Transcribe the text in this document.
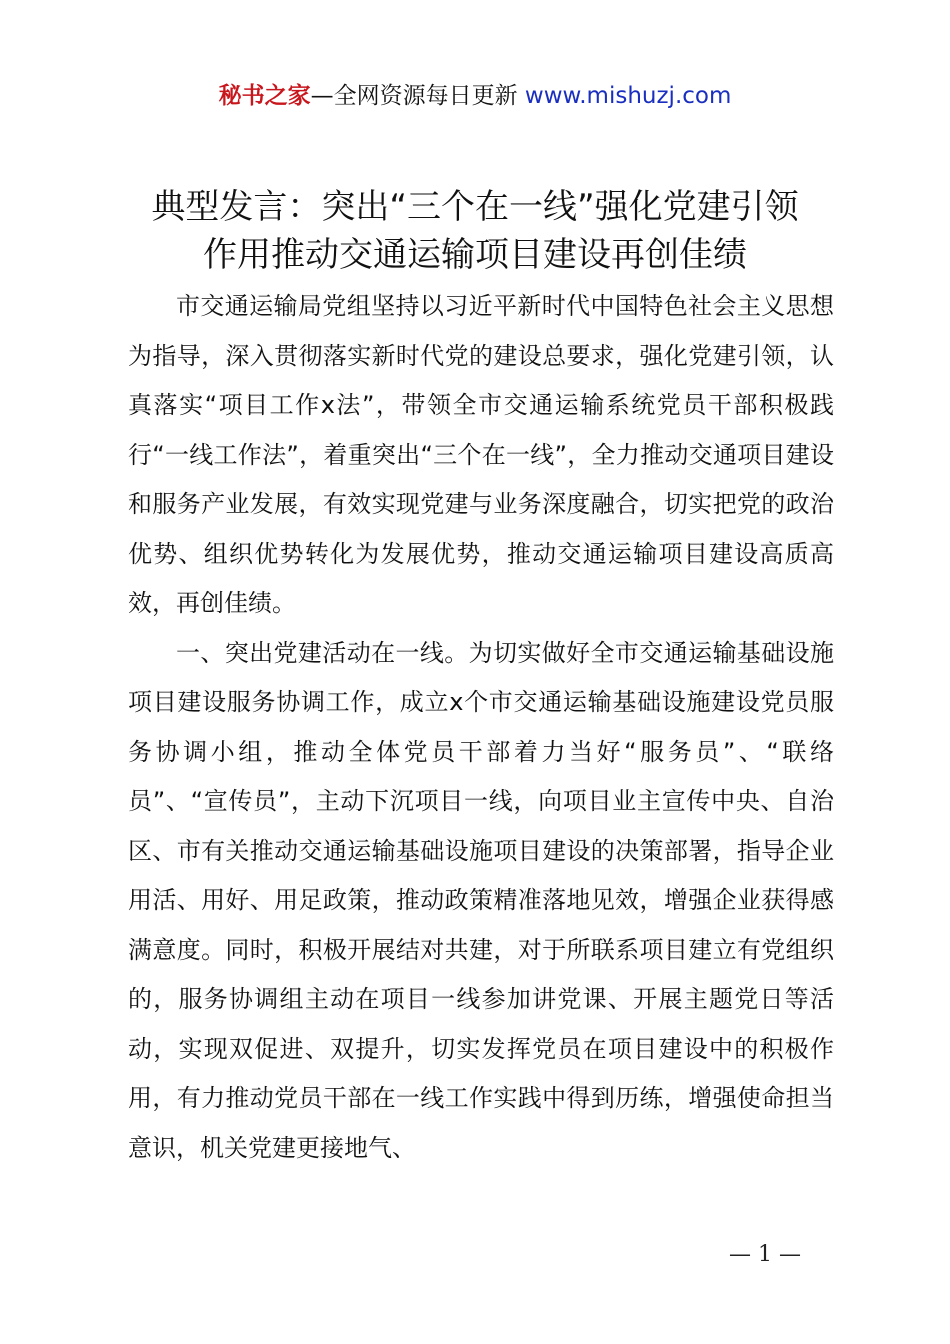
秘书之家—全网资源每日更新 www.mishuzj.com
典型发言：突出“三个在一线”强化党建引领
作用推动交通运输项目建设再创佳绩

市交通运输局党组坚持以习近平新时代中国特色社会主义思想为指导，深入贯彻落实新时代党的建设总要求，强化党建引领，认真落实“项目工作x法”，带领全市交通运输系统党员干部积极践行“一线工作法”，着重突出“三个在一线”，全力推动交通项目建设和服务产业发展，有效实现党建与业务深度融合，切实把党的政治优势、组织优势转化为发展优势，推动交通运输项目建设高质高效，再创佳绩。

一、突出党建活动在一线。为切实做好全市交通运输基础设施项目建设服务协调工作，成立x个市交通运输基础设施建设党员服务协调小组，推动全体党员干部着力当好“服务员”、“联络员”、“宣传员”，主动下沉项目一线，向项目业主宣传中央、自治区、市有关推动交通运输基础设施项目建设的决策部署，指导企业用活、用好、用足政策，推动政策精准落地见效，增强企业获得感满意度。同时，积极开展结对共建，对于所联系项目建立有党组织的，服务协调组主动在项目一线参加讲党课、开展主题党日等活动，实现双促进、双提升，切实发挥党员在项目建设中的积极作用，有力推动党员干部在一线工作实践中得到历练，增强使命担当意识，机关党建更接地气、

— 1 —
